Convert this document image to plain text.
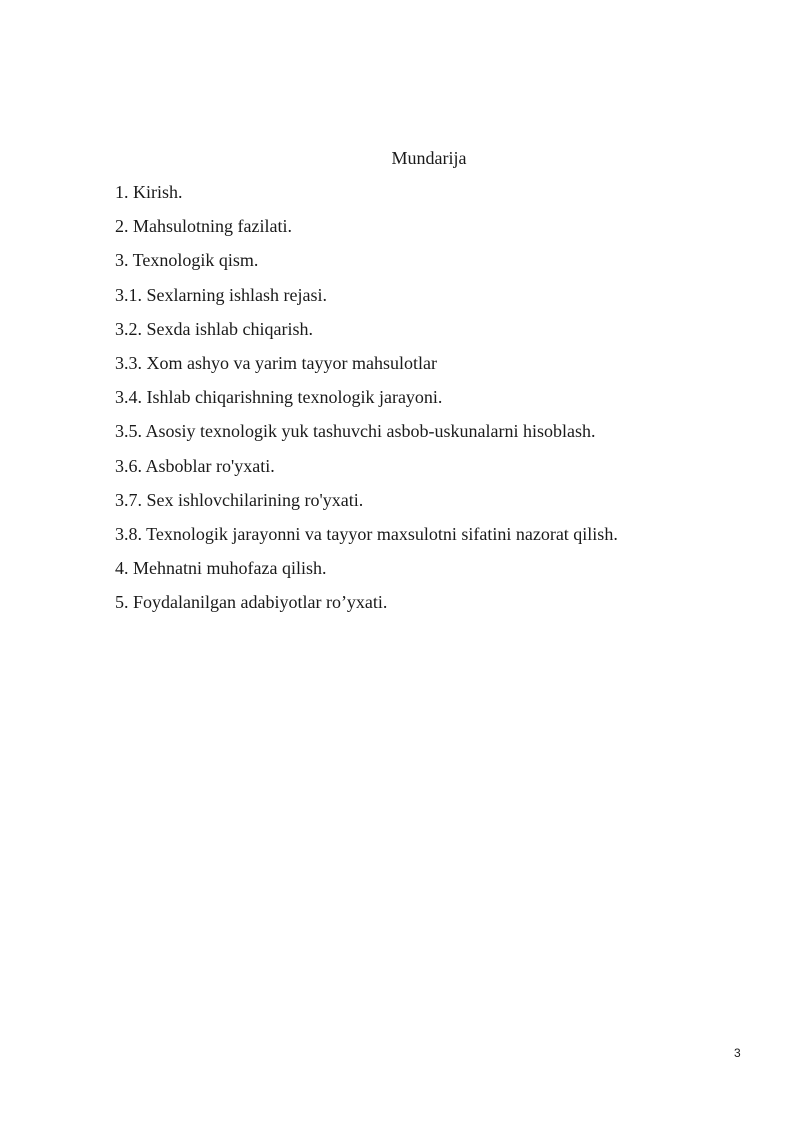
Mundarija
1. Kirish.
2. Mahsulotning fazilati.
3. Texnologik qism.
3.1. Sexlarning ishlash rejasi.
3.2. Sexda ishlab chiqarish.
3.3. Xom ashyo va yarim tayyor mahsulotlar
3.4. Ishlab chiqarishning texnologik jarayoni.
3.5. Asosiy texnologik yuk tashuvchi asbob-uskunalarni hisoblash.
3.6. Asboblar ro'yxati.
3.7. Sex ishlovchilarining ro'yxati.
3.8. Texnologik jarayonni va tayyor maxsulotni sifatini nazorat qilish.
4. Mehnatni muhofaza qilish.
5. Foydalanilgan adabiyotlar ro’yxati.
3
